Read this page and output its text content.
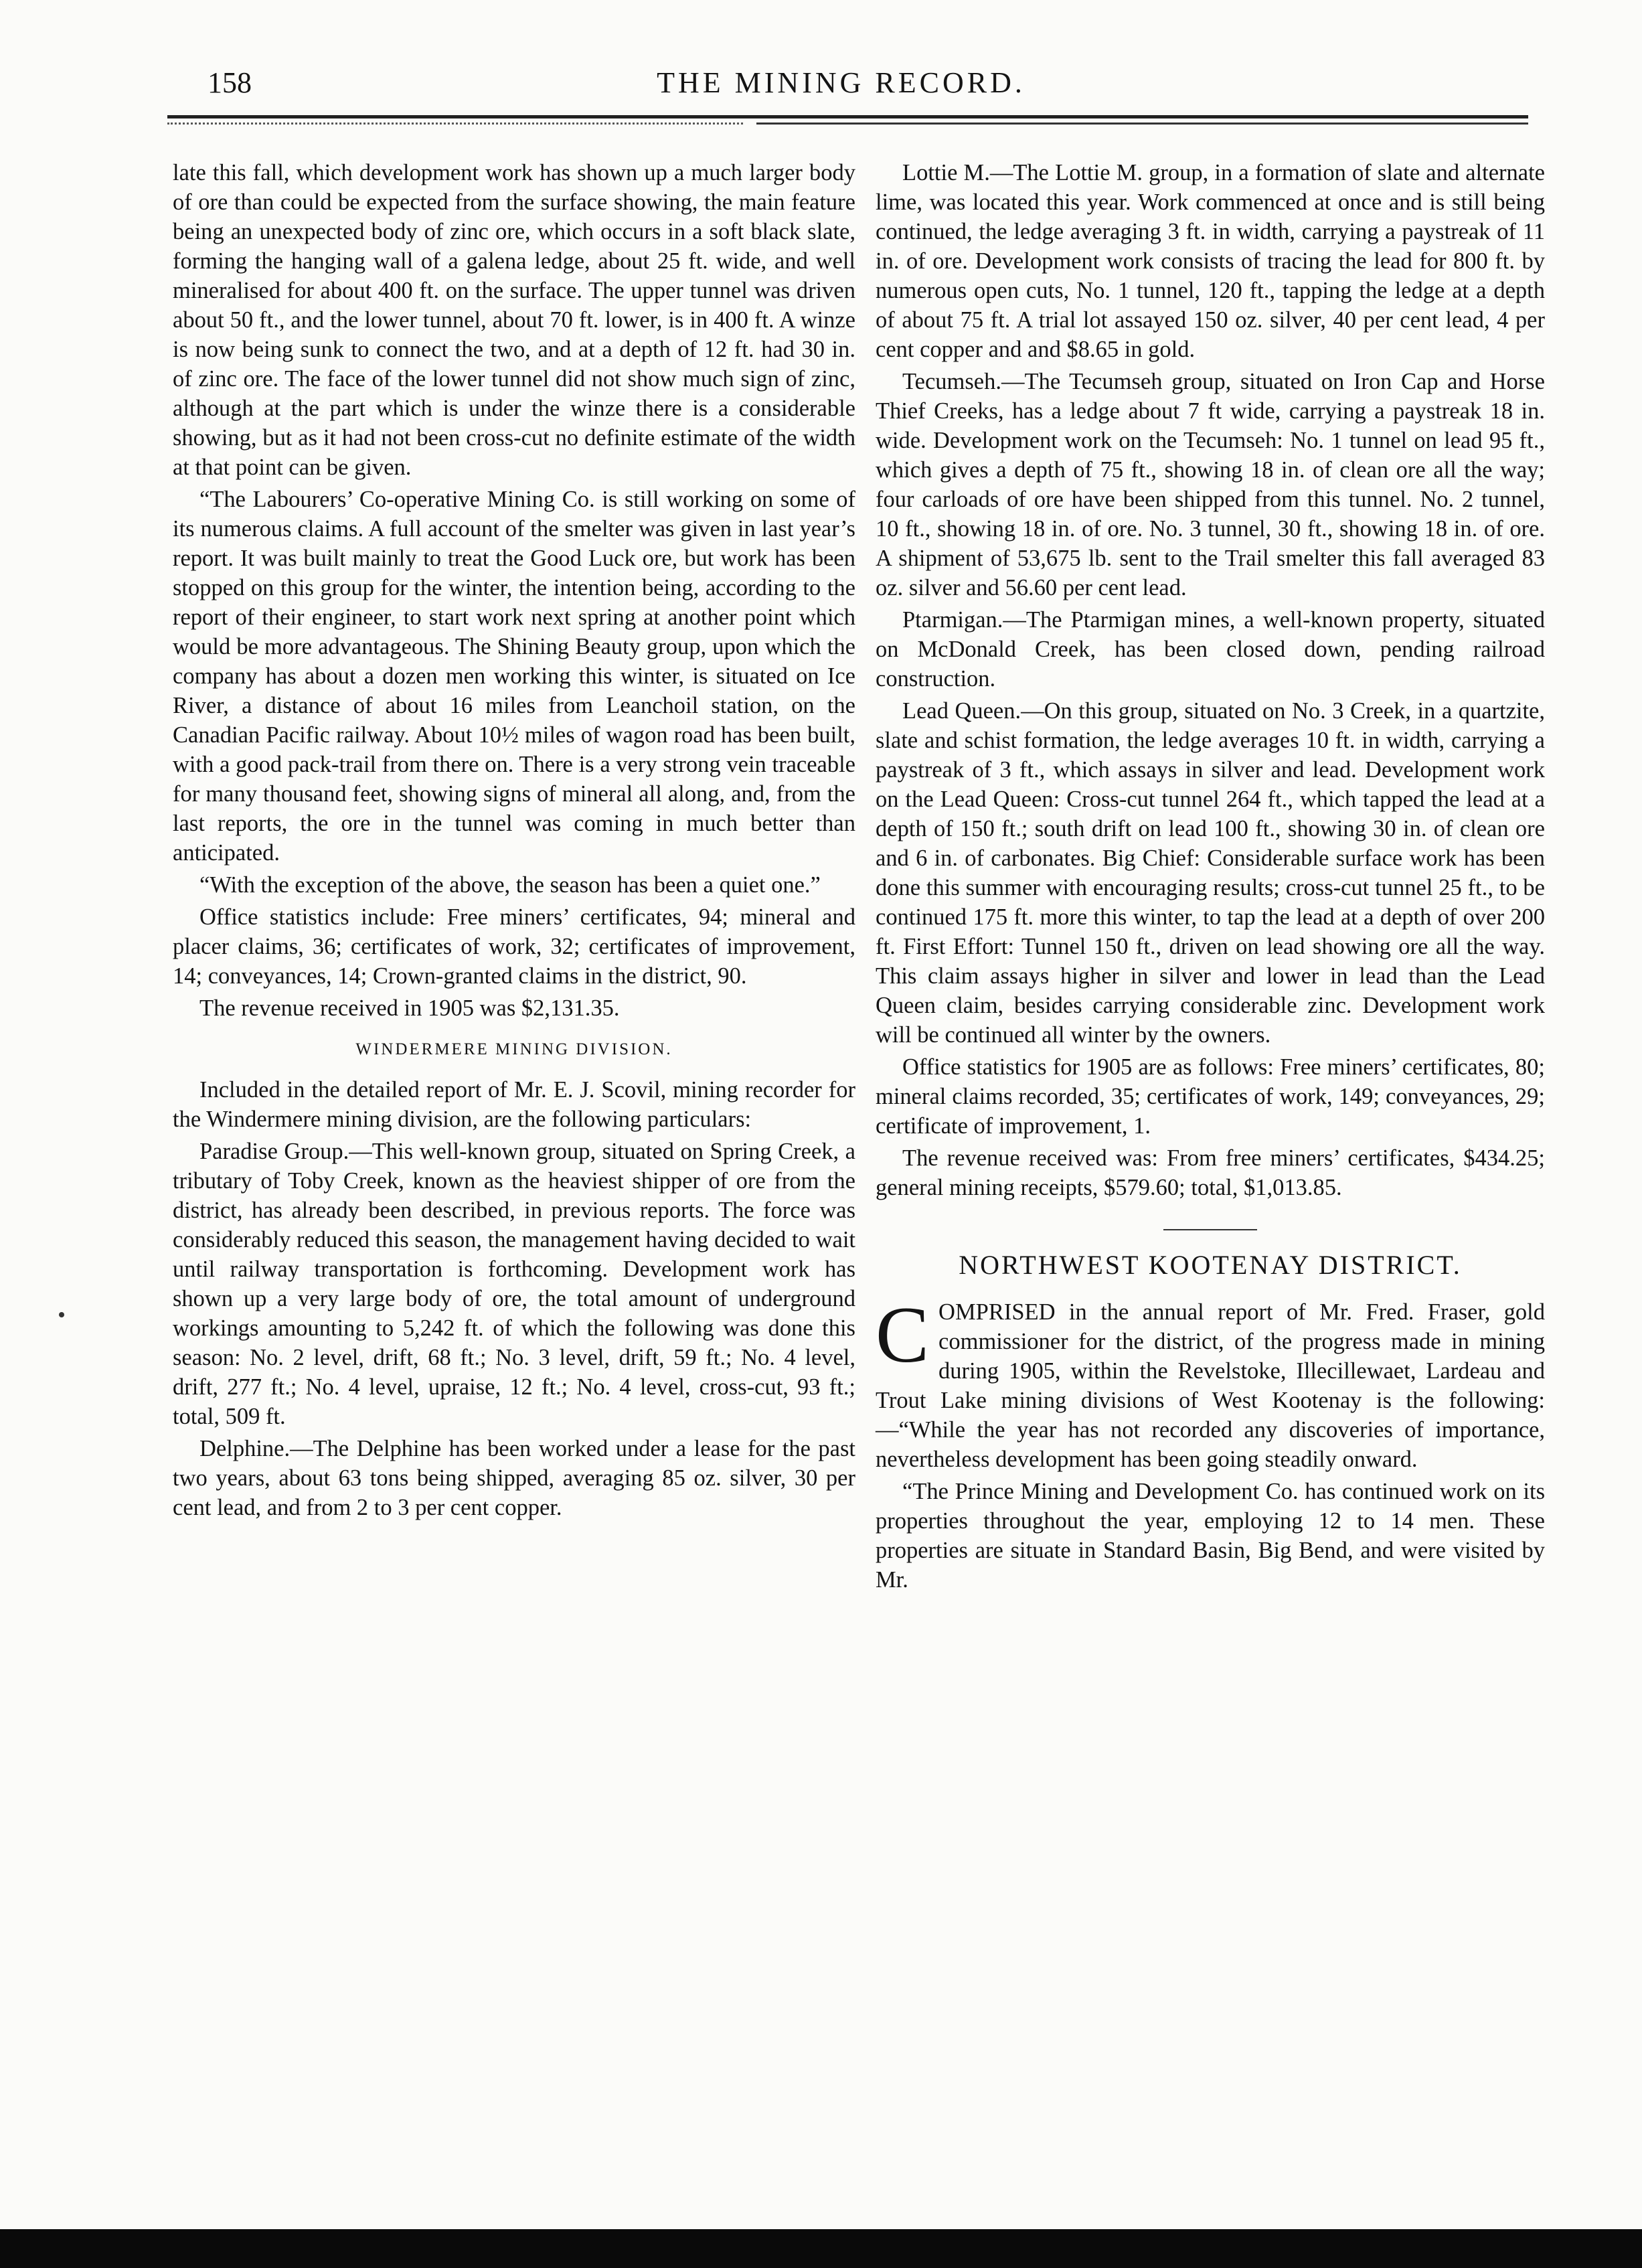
158	THE MINING RECORD.

late this fall, which development work has shown up a much larger body of ore than could be expected from the surface showing, the main feature being an unexpected body of zinc ore, which occurs in a soft black slate, forming the hanging wall of a galena ledge, about 25 ft. wide, and well mineralised for about 400 ft. on the surface. The upper tunnel was driven about 50 ft., and the lower tunnel, about 70 ft. lower, is in 400 ft. A winze is now being sunk to connect the two, and at a depth of 12 ft. had 30 in. of zinc ore. The face of the lower tunnel did not show much sign of zinc, although at the part which is under the winze there is a considerable showing, but as it had not been cross-cut no definite estimate of the width at that point can be given.

“The Labourers’ Co-operative Mining Co. is still working on some of its numerous claims. A full account of the smelter was given in last year’s report. It was built mainly to treat the Good Luck ore, but work has been stopped on this group for the winter, the intention being, according to the report of their engineer, to start work next spring at another point which would be more advantageous. The Shining Beauty group, upon which the company has about a dozen men working this winter, is situated on Ice River, a distance of about 16 miles from Leanchoil station, on the Canadian Pacific railway. About 10½ miles of wagon road has been built, with a good pack-trail from there on. There is a very strong vein traceable for many thousand feet, showing signs of mineral all along, and, from the last reports, the ore in the tunnel was coming in much better than anticipated.

“With the exception of the above, the season has been a quiet one.”

Office statistics include: Free miners’ certificates, 94; mineral and placer claims, 36; certificates of work, 32; certificates of improvement, 14; conveyances, 14; Crown-granted claims in the district, 90.

The revenue received in 1905 was $2,131.35.

WINDERMERE MINING DIVISION.

Included in the detailed report of Mr. E. J. Scovil, mining recorder for the Windermere mining division, are the following particulars:

Paradise Group.—This well-known group, situated on Spring Creek, a tributary of Toby Creek, known as the heaviest shipper of ore from the district, has already been described, in previous reports. The force was considerably reduced this season, the management having decided to wait until railway transportation is forthcoming. Development work has shown up a very large body of ore, the total amount of underground workings amounting to 5,242 ft. of which the following was done this season: No. 2 level, drift, 68 ft.; No. 3 level, drift, 59 ft.; No. 4 level, drift, 277 ft.; No. 4 level, upraise, 12 ft.; No. 4 level, cross-cut, 93 ft.; total, 509 ft.

Delphine.—The Delphine has been worked under a lease for the past two years, about 63 tons being shipped, averaging 85 oz. silver, 30 per cent lead, and from 2 to 3 per cent copper.

Lottie M.—The Lottie M. group, in a formation of slate and alternate lime, was located this year. Work commenced at once and is still being continued, the ledge averaging 3 ft. in width, carrying a paystreak of 11 in. of ore. Development work consists of tracing the lead for 800 ft. by numerous open cuts, No. 1 tunnel, 120 ft., tapping the ledge at a depth of about 75 ft. A trial lot assayed 150 oz. silver, 40 per cent lead, 4 per cent copper and and $8.65 in gold.

Tecumseh.—The Tecumseh group, situated on Iron Cap and Horse Thief Creeks, has a ledge about 7 ft wide, carrying a paystreak 18 in. wide. Development work on the Tecumseh: No. 1 tunnel on lead 95 ft., which gives a depth of 75 ft., showing 18 in. of clean ore all the way; four carloads of ore have been shipped from this tunnel. No. 2 tunnel, 10 ft., showing 18 in. of ore. No. 3 tunnel, 30 ft., showing 18 in. of ore. A shipment of 53,675 lb. sent to the Trail smelter this fall averaged 83 oz. silver and 56.60 per cent lead.

Ptarmigan.—The Ptarmigan mines, a well-known property, situated on McDonald Creek, has been closed down, pending railroad construction.

Lead Queen.—On this group, situated on No. 3 Creek, in a quartzite, slate and schist formation, the ledge averages 10 ft. in width, carrying a paystreak of 3 ft., which assays in silver and lead. Development work on the Lead Queen: Cross-cut tunnel 264 ft., which tapped the lead at a depth of 150 ft.; south drift on lead 100 ft., showing 30 in. of clean ore and 6 in. of carbonates. Big Chief: Considerable surface work has been done this summer with encouraging results; cross-cut tunnel 25 ft., to be continued 175 ft. more this winter, to tap the lead at a depth of over 200 ft. First Effort: Tunnel 150 ft., driven on lead showing ore all the way. This claim assays higher in silver and lower in lead than the Lead Queen claim, besides carrying considerable zinc. Development work will be continued all winter by the owners.

Office statistics for 1905 are as follows: Free miners’ certificates, 80; mineral claims recorded, 35; certificates of work, 149; conveyances, 29; certificate of improvement, 1.

The revenue received was: From free miners’ certificates, $434.25; general mining receipts, $579.60; total, $1,013.85.

NORTHWEST KOOTENAY DISTRICT.

COMPRISED in the annual report of Mr. Fred. Fraser, gold commissioner for the district, of the progress made in mining during 1905, within the Revelstoke, Illecillewaet, Lardeau and Trout Lake mining divisions of West Kootenay is the following:—“While the year has not recorded any discoveries of importance, nevertheless development has been going steadily onward.

“The Prince Mining and Development Co. has continued work on its properties throughout the year, employing 12 to 14 men. These properties are situate in Standard Basin, Big Bend, and were visited by Mr.
